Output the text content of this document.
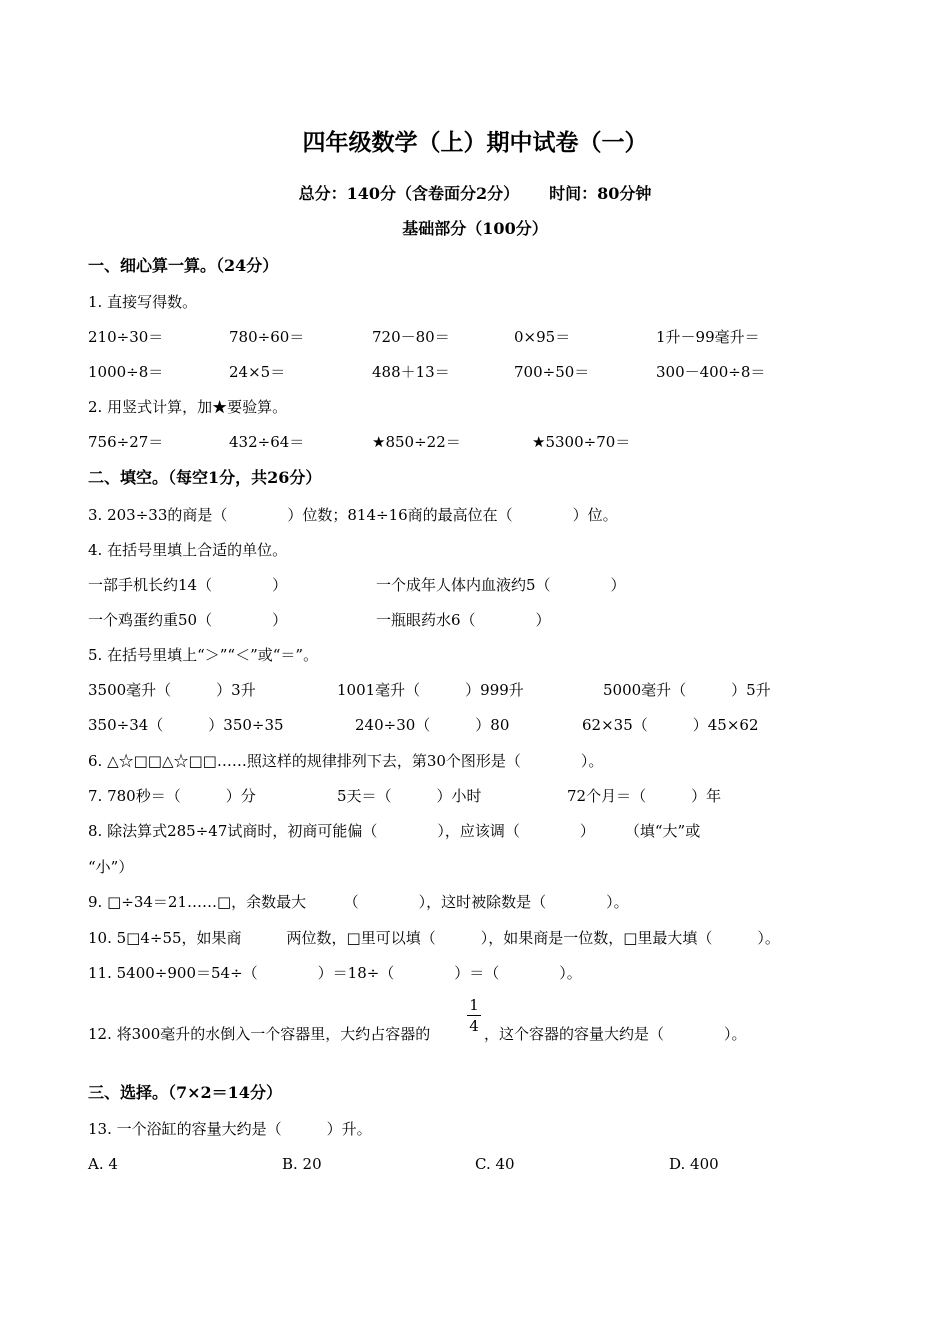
四年级数学（上）期中试卷（一）
总分：140分（含卷面分2分） 时间：80分钟
基础部分（100分）
一、细心算一算。（24分）
1. 直接写得数。
210÷30＝	780÷60＝	720－80＝	0×95＝	1升－99毫升＝
1000÷8＝	24×5＝	488＋13＝	700÷50＝	300－400÷8＝
2. 用竖式计算，加★要验算。
756÷27＝	432÷64＝	★850÷22＝	★5300÷70＝
二、填空。（每空1分，共26分）
3. 203÷33的商是（　　　　）位数；814÷16商的最高位在（　　　　）位。
4. 在括号里填上合适的单位。
一部手机长约14（　　　　）	一个成年人体内血液约5（　　　　）
一个鸡蛋约重50（　　　　）	一瓶眼药水6（　　　　）
5. 在括号里填上“＞”“＜”或“＝”。
3500毫升（　　　）3升	1001毫升（　　　）999升	5000毫升（　　　）5升
350÷34（　　　）350÷35	240÷30（　　　）80	62×35（　　　）45×62
6. △☆□□△☆□□……照这样的规律排列下去，第30个图形是（　　　　）。
7. 780秒＝（　　　）分	5天＝（　　　）小时	72个月＝（　　　）年
8. 除法算式285÷47试商时，初商可能偏（　　　　），应该调（　　　　）　　　（填“大”或
“小”）
9. □÷34＝21……□，余数最大　　　（　　　　），这时被除数是（　　　　）。
10. 5□4÷55，如果商　　　两位数，□里可以填（　　　），如果商是一位数，□里最大填（　　　）。
11. 5400÷900＝54÷（　　　　）＝18÷（　　　　）＝（　　　　）。
12. 将300毫升的水倒入一个容器里，大约占容器的
1
4 ，这个容器的容量大约是（　　　　）。
三、选择。（7×2＝14分）
13. 一个浴缸的容量大约是（　　　）升。
A. 4	B. 20	C. 40	D. 400
